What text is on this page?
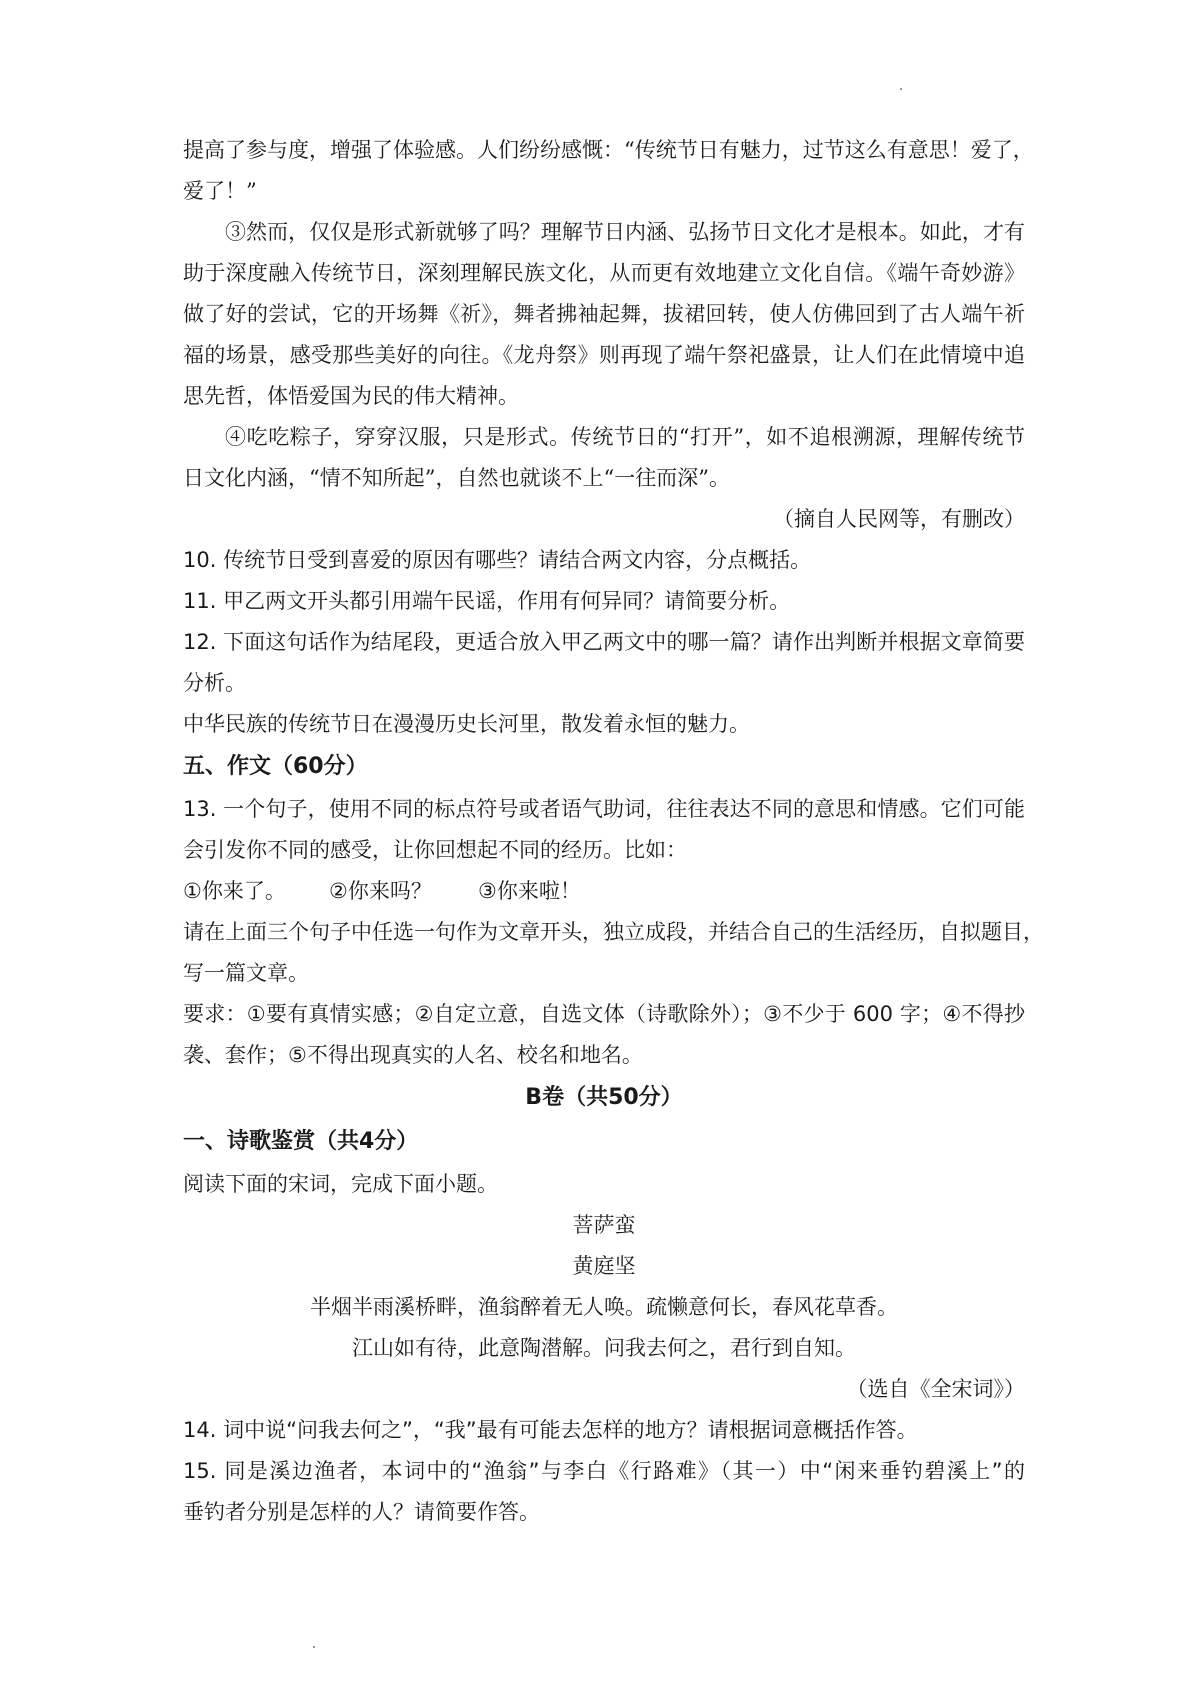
提高了参与度，增强了体验感。人们纷纷感慨：“传统节日有魅力，过节这么有意思！爱了，

爱了！”

③然而，仅仅是形式新就够了吗？理解节日内涵、弘扬节日文化才是根本。如此，才有

助于深度融入传统节日，深刻理解民族文化，从而更有效地建立文化自信。《端午奇妙游》

做了好的尝试，它的开场舞《祈》，舞者拂袖起舞，拔裙回转，使人仿佛回到了古人端午祈

福的场景，感受那些美好的向往。《龙舟祭》则再现了端午祭祀盛景，让人们在此情境中追

思先哲，体悟爱国为民的伟大精神。

④吃吃粽子，穿穿汉服，只是形式。传统节日的“打开”，如不追根溯源，理解传统节

日文化内涵，“情不知所起”，自然也就谈不上“一往而深”。

（摘自人民网等，有删改）

10. 传统节日受到喜爱的原因有哪些？请结合两文内容，分点概括。

11. 甲乙两文开头都引用端午民谣，作用有何异同？请简要分析。

12. 下面这句话作为结尾段，更适合放入甲乙两文中的哪一篇？请作出判断并根据文章简要

分析。

中华民族的传统节日在漫漫历史长河里，散发着永恒的魅力。

五、作文（60分）

13. 一个句子，使用不同的标点符号或者语气助词，往往表达不同的意思和情感。它们可能

会引发你不同的感受，让你回想起不同的经历。比如：

①你来了。 ②你来吗？ ③你来啦！

请在上面三个句子中任选一句作为文章开头，独立成段，并结合自己的生活经历，自拟题目，

写一篇文章。

要求：①要有真情实感；②自定立意，自选文体（诗歌除外）；③不少于 600 字；④不得抄

袭、套作；⑤不得出现真实的人名、校名和地名。

B卷（共50分）

一、诗歌鉴赏（共4分）

阅读下面的宋词，完成下面小题。

菩萨蛮

黄庭坚

半烟半雨溪桥畔，渔翁醉着无人唤。疏懒意何长，春风花草香。

江山如有待，此意陶潜解。问我去何之，君行到自知。

（选自《全宋词》）

14. 词中说“问我去何之”，“我”最有可能去怎样的地方？请根据词意概括作答。

15. 同是溪边渔者，本词中的“渔翁”与李白《行路难》（其一）中“闲来垂钓碧溪上”的

垂钓者分别是怎样的人？请简要作答。
